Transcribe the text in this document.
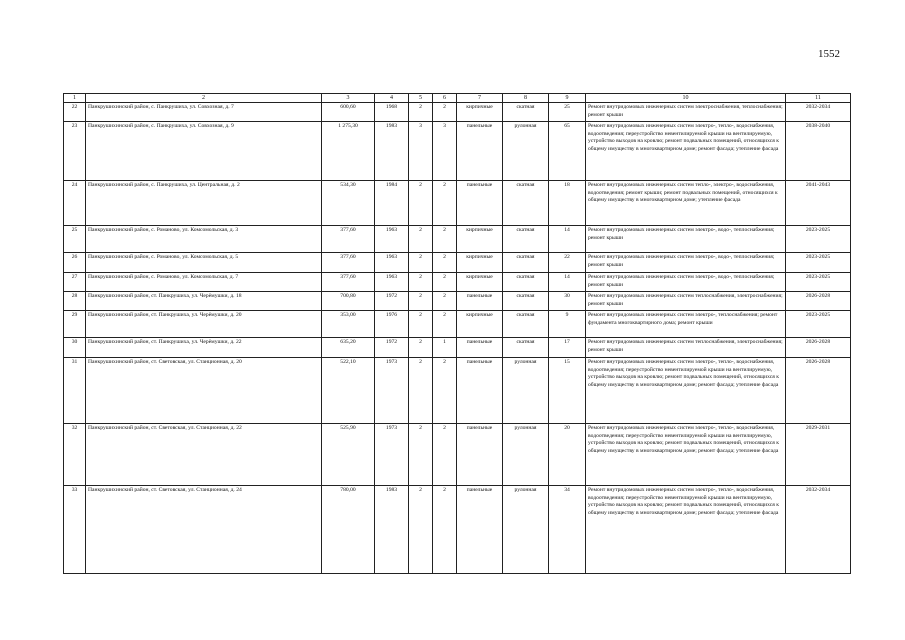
1552
1	2	3	4	5	6	7	8	9	10	11
22	Панкрушихинский район, с. Панкрушиха, ул. Совхозная, д. 7	600,60	1968	2	2	кирпичные	скатная	25	Ремонт внутридомовых инженерных систем электроснабжения, теплоснабжения; ремонт крыши	2032-2034
23	Панкрушихинский район, с. Панкрушиха, ул. Совхозная, д. 9	1 275,30	1983	3	3	панельные	рулонная	65	Ремонт внутридомовых инженерных систем электро-, тепло-, водоснабжения, водоотведения; переустройство невентилируемой крыши на вентилируемую, устройство выходов на кровлю; ремонт подвальных помещений, относящихся к общему имуществу в многоквартирном доме; ремонт фасада; утепление фасада	2038-2040
24	Панкрушихинский район, с. Панкрушиха, ул. Центральная, д. 2	534,30	1984	2	2	панельные	скатная	18	Ремонт внутридомовых инженерных систем тепло-, электро-, водоснабжения, водоотведения; ремонт крыши; ремонт подвальных помещений, относящихся к общему имуществу в многоквартирном доме; утепление фасада	2041-2043
25	Панкрушихинский район, с. Романово, ул. Комсомольская, д. 3	377,60	1963	2	2	кирпичные	скатная	14	Ремонт внутридомовых инженерных систем электро-, водо-, теплоснабжения; ремонт крыши	2023-2025
26	Панкрушихинский район, с. Романово, ул. Комсомольская, д. 5	377,60	1963	2	2	кирпичные	скатная	22	Ремонт внутридомовых инженерных систем электро-, водо-, теплоснабжения; ремонт крыши	2023-2025
27	Панкрушихинский район, с. Романово, ул. Комсомольская, д. 7	377,60	1963	2	2	кирпичные	скатная	14	Ремонт внутридомовых инженерных систем электро-, водо-, теплоснабжения; ремонт крыши	2023-2025
28	Панкрушихинский район, ст. Панкрушиха, ул. Черёмушки, д. 18	700,80	1972	2	2	панельные	скатная	30	Ремонт внутридомовых инженерных систем теплоснабжения, электроснабжения; ремонт крыши	2026-2028
29	Панкрушихинский район, ст. Панкрушиха, ул. Черёмушки, д. 20	353,00	1976	2	2	кирпичные	скатная	9	Ремонт внутридомовых инженерных систем электро-, теплоснабжения; ремонт фундамента многоквартирного дома; ремонт крыши	2023-2025
30	Панкрушихинский район, ст. Панкрушиха, ул. Черёмушки, д. 22	635,20	1972	2	1	панельные	скатная	17	Ремонт внутридомовых инженерных систем теплоснабжения, электроснабжения; ремонт крыши	2026-2028
31	Панкрушихинский район, ст. Световская, ул. Станционная, д. 20	522,10	1973	2	2	панельные	рулонная	15	Ремонт внутридомовых инженерных систем электро-, тепло-, водоснабжения, водоотведения; переустройство невентилируемой крыши на вентилируемую, устройство выходов на кровлю; ремонт подвальных помещений, относящихся к общему имуществу в многоквартирном доме; ремонт фасада; утепление фасада	2026-2028
32	Панкрушихинский район, ст. Световская, ул. Станционная, д. 22	525,90	1973	2	2	панельные	рулонная	20	Ремонт внутридомовых инженерных систем электро-, тепло-, водоснабжения, водоотведения; переустройство невентилируемой крыши на вентилируемую, устройство выходов на кровлю; ремонт подвальных помещений, относящихся к общему имуществу в многоквартирном доме; ремонт фасада; утепление фасада	2029-2031
33	Панкрушихинский район, ст. Световская, ул. Станционная, д. 24	780,00	1983	2	2	панельные	рулонная	34	Ремонт внутридомовых инженерных систем электро-, тепло-, водоснабжения, водоотведения; переустройство невентилируемой крыши на вентилируемую, устройство выходов на кровлю; ремонт подвальных помещений, относящихся к общему имуществу в многоквартирном доме; ремонт фасада; утепление фасада	2032-2034
